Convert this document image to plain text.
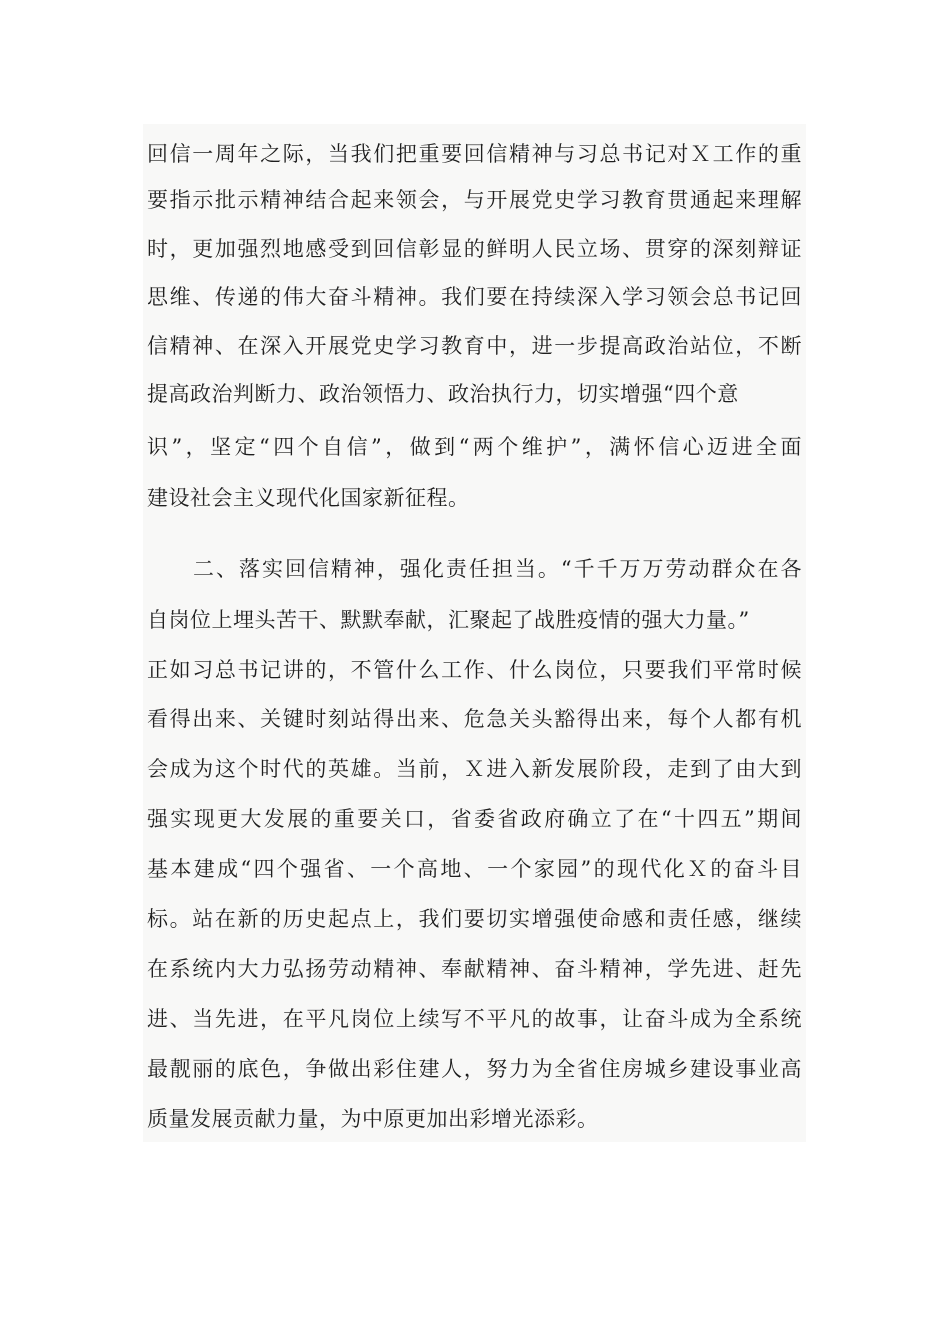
回信一周年之际，当我们把重要回信精神与习总书记对Ｘ工作的重
要指示批示精神结合起来领会，与开展党史学习教育贯通起来理解
时，更加强烈地感受到回信彰显的鲜明人民立场、贯穿的深刻辩证
思维、传递的伟大奋斗精神。我们要在持续深入学习领会总书记回
信精神、在深入开展党史学习教育中，进一步提高政治站位，不断
提高政治判断力、政治领悟力、政治执行力，切实增强“四个意
识”，坚定“四个自信”，做到“两个维护”，满怀信心迈进全面
建设社会主义现代化国家新征程。
　　二、落实回信精神，强化责任担当。“千千万万劳动群众在各
自岗位上埋头苦干、默默奉献，汇聚起了战胜疫情的强大力量。”
正如习总书记讲的，不管什么工作、什么岗位，只要我们平常时候
看得出来、关键时刻站得出来、危急关头豁得出来，每个人都有机
会成为这个时代的英雄。当前，Ｘ进入新发展阶段，走到了由大到
强实现更大发展的重要关口，省委省政府确立了在“十四五”期间
基本建成“四个强省、一个高地、一个家园”的现代化Ｘ的奋斗目
标。站在新的历史起点上，我们要切实增强使命感和责任感，继续
在系统内大力弘扬劳动精神、奉献精神、奋斗精神，学先进、赶先
进、当先进，在平凡岗位上续写不平凡的故事，让奋斗成为全系统
最靓丽的底色，争做出彩住建人，努力为全省住房城乡建设事业高
质量发展贡献力量，为中原更加出彩增光添彩。
